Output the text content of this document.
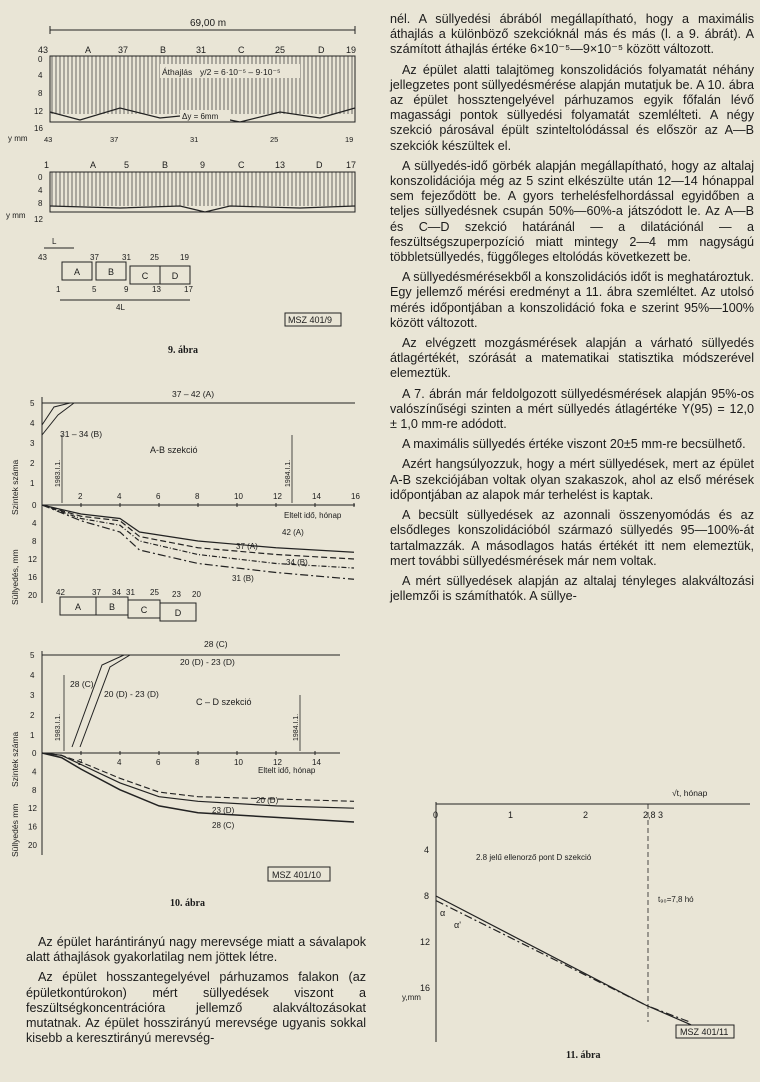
69,00 m
43	A	37	B	31	C	25	D 19
Áthajlás y/2 = 6·10⁻⁵ – 9·10⁻⁵
Δy = 6mm
0
4
8
12
16
y mm 43	37	31	25	19
1	A	5	B	9	C	13	D	17
0
4
8
12
y mm
L
43	37	31 25	19
A	B	C	D
1	5	9	13	17
4L
MSZ 401/9
9. ábra
Szintek száma
Süllyedés, mm
5
4
3
2
1
0
4
8
12
16
20
2	4	6	8	10	12	14	16
Eltelt idő, hónap
1983.I.1.	1984.I.1.
37 – 42 (A)
31 – 34 (B)
A-B szekció
42 (A)
37 (A)
34 (B)
31 (B)
42	37 34 31 25 23 20
A	B	C	D
Szintek száma
Süllyedés mm
5
4
3
2
1
0
4
8
12
16
20
2	4	6	8	10	12	14
Eltelt idő, hónap
1983.I.1.	1984.I.1.
28 (C)
20 (D) - 23 (D)
28 (C)
20 (D) - 23 (D)
C – D szekció
20 (D)
23 (D)
28 (C)
MSZ 401/10
10. ábra

Az épület harántirányú nagy merevsége miatt a sávalapok alatt áthajlások gyakorlatilag nem jöttek létre.

Az épület hosszantegelyével párhuzamos falakon (az épületkontúrokon) mért süllyedések viszont a feszültségkoncentrációra jellemző alakváltozásokat mutatnak. Az épület hosszirányú merevsége ugyanis sokkal kisebb a keresztirányú merevség-

nél. A süllyedési ábrából megállapítható, hogy a maximális áthajlás a különböző szekcióknál más és más (l. a 9. ábrát). A számított áthajlás értéke 6×10⁻⁵—9×10⁻⁵ között változott.

Az épület alatti talajtömeg konszolidációs folyamatát néhány jellegzetes pont süllyedésmérése alapján mutatjuk be. A 10. ábra az épület hossztengelyével párhuzamos egyik főfalán lévő magassági pontok süllyedési folyamatát szemlélteti. A négy szekció párosával épült szinteltolódással és először az A—B szekciók készültek el.

A süllyedés-idő görbék alapján megállapítható, hogy az altalaj konszolidációja még az 5 szint elkészülte után 12—14 hónappal sem fejeződött be. A gyors terhelésfelhordással egyidőben a teljes süllyedésnek csupán 50%—60%-a játszódott le. Az A—B és C—D szekció határánál — a dilatációnál — a feszültségszuperpozíció miatt mintegy 2—4 mm nagyságú többletsüllyedés, függőleges eltolódás következett be.

A süllyedésmérésekből a konszolidációs időt is meghatároztuk. Egy jellemző mérési eredményt a 11. ábra szemléltet. Az utolsó mérés időpontjában a konszolidáció foka e szerint 95%—100% között változott.

Az elvégzett mozgásmérések alapján a várható süllyedés átlagértékét, szórását a matematikai statisztika módszerével elemeztük.

A 7. ábrán már feldolgozott süllyedésmérések alapján 95%-os valószínűségi szinten a mért süllyedés átlagértéke Y(95) = 12,0 ± 1,0 mm-re adódott.

A maximális süllyedés értéke viszont 20±5 mm-re becsülhető.

Azért hangsúlyozzuk, hogy a mért süllyedések, mert az épület A-B szekciójában voltak olyan szakaszok, ahol az első mérések időpontjában az alapok már terhelést is kaptak.

A becsült süllyedések az azonnali összenyomódás és az elsődleges konszolidációból származó süllyedés 95—100%-át tartalmazzák. A másodlagos hatás értékét itt nem elemeztük, mert további süllyedésmérések már nem voltak.

A mért süllyedések alapján az altalaj tényleges alakváltozási jellemzői is számíthatók. A süllye-

0	1	2	2,8 3
4
8
12
16
√t, hónap
y,mm
2.8 jelű ellenorző pont D szekció
t₉₀=7,8 hó
α
α'
MSZ 401/11
11. ábra
